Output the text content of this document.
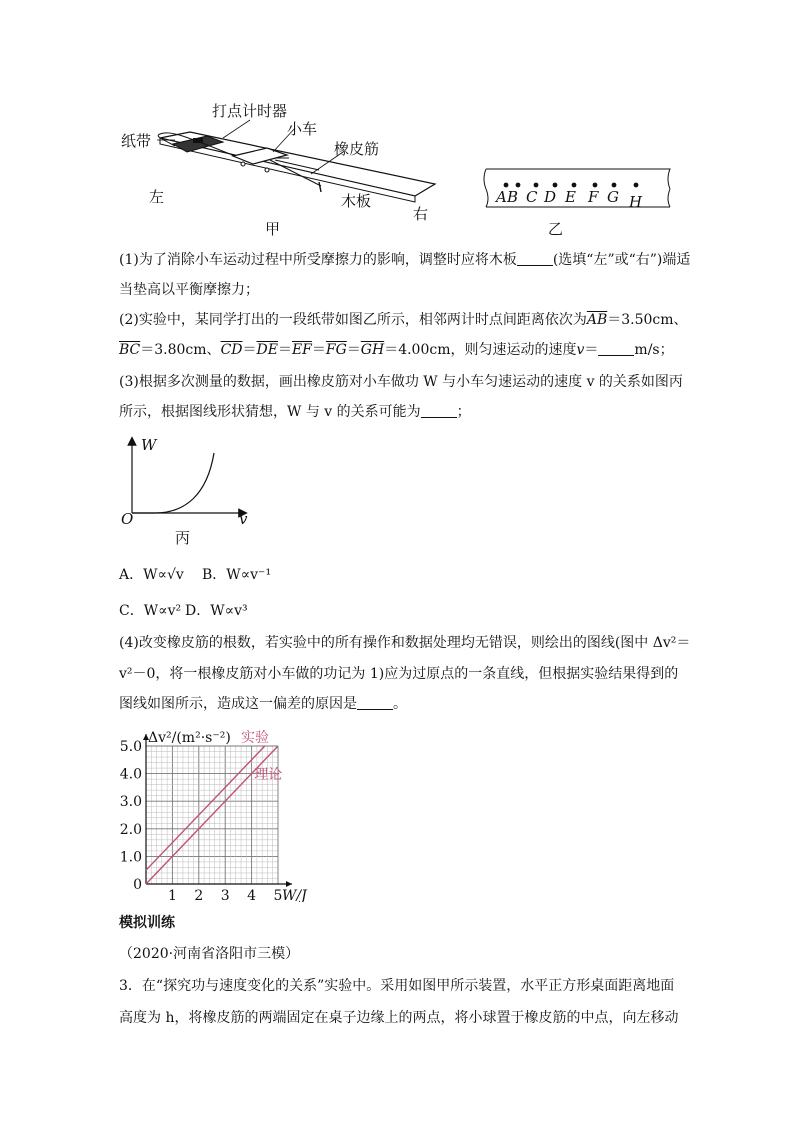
打点计时器
小车
橡皮筋
纸带
左	木板
右
甲
A B C D E F G H
乙
(1)为了消除小车运动过程中所受摩擦力的影响，调整时应将木板	(选填“左”或“右”)端适
当垫高以平衡摩擦力；
(2)实验中，某同学打出的一段纸带如图乙所示，相邻两计时点间距离依次为$\overline{AB}=3.50cm$、
$\overline{BC}=3.80cm$、$\overline{CD}=\overline{DE}=\overline{EF}=\overline{FG}=\overline{GH}=4.00cm$，则匀速运动的速度v＝	m/s；
(3)根据多次测量的数据，画出橡皮筋对小车做功 W 与小车匀速运动的速度 v 的关系如图丙
所示，根据图线形状猜想，W 与 v 的关系可能为	；
W
v
O
丙
A．W∝√v B．W∝v⁻¹
C．W∝v² D．W∝v³
(4)改变橡皮筋的根数，若实验中的所有操作和数据处理均无错误，则绘出的图线(图中 Δv²＝
v²－0，将一根橡皮筋对小车做的功记为 1)应为过原点的一条直线，但根据实验结果得到的
图线如图所示，造成这一偏差的原因是	。
0
1.0
2.0
3.0
4.0
5.0
1 2 3 4 5 W/J
Δv²/(m²·s⁻²) 实验
理论
模拟训练
（2020·河南省洛阳市三模）
3．在“探究功与速度变化的关系”实验中。采用如图甲所示装置，水平正方形桌面距离地面
高度为 h，将橡皮筋的两端固定在桌子边缘上的两点，将小球置于橡皮筋的中点，向左移动
